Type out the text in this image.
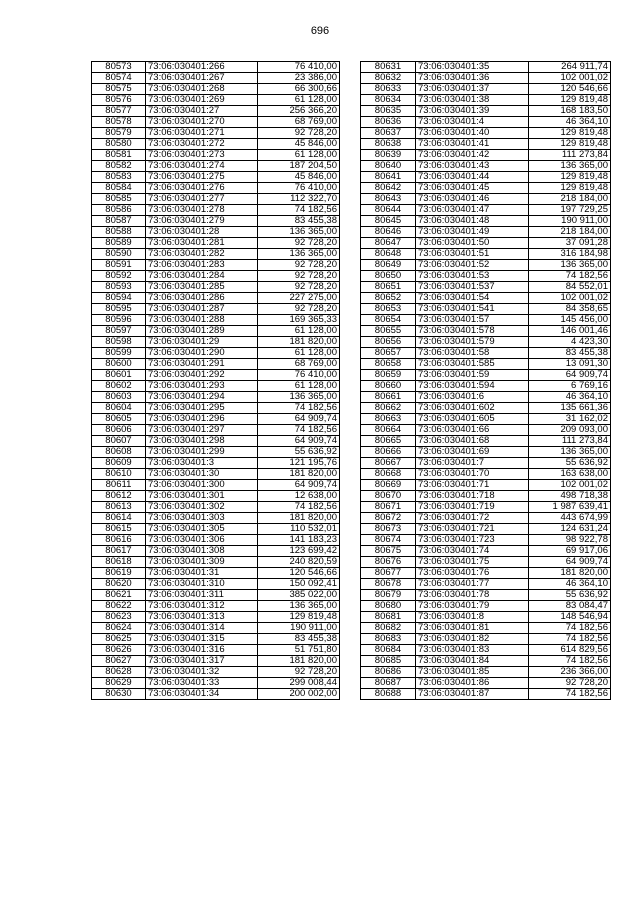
696
80573	73:06:030401:266	76 410,00
80574	73:06:030401:267	23 386,00
80575	73:06:030401:268	66 300,66
80576	73:06:030401:269	61 128,00
80577	73:06:030401:27	256 366,20
80578	73:06:030401:270	68 769,00
80579	73:06:030401:271	92 728,20
80580	73:06:030401:272	45 846,00
80581	73:06:030401:273	61 128,00
80582	73:06:030401:274	187 204,50
80583	73:06:030401:275	45 846,00
80584	73:06:030401:276	76 410,00
80585	73:06:030401:277	112 322,70
80586	73:06:030401:278	74 182,56
80587	73:06:030401:279	83 455,38
80588	73:06:030401:28	136 365,00
80589	73:06:030401:281	92 728,20
80590	73:06:030401:282	136 365,00
80591	73:06:030401:283	92 728,20
80592	73:06:030401:284	92 728,20
80593	73:06:030401:285	92 728,20
80594	73:06:030401:286	227 275,00
80595	73:06:030401:287	92 728,20
80596	73:06:030401:288	169 365,33
80597	73:06:030401:289	61 128,00
80598	73:06:030401:29	181 820,00
80599	73:06:030401:290	61 128,00
80600	73:06:030401:291	68 769,00
80601	73:06:030401:292	76 410,00
80602	73:06:030401:293	61 128,00
80603	73:06:030401:294	136 365,00
80604	73:06:030401:295	74 182,56
80605	73:06:030401:296	64 909,74
80606	73:06:030401:297	74 182,56
80607	73:06:030401:298	64 909,74
80608	73:06:030401:299	55 636,92
80609	73:06:030401:3	121 195,76
80610	73:06:030401:30	181 820,00
80611	73:06:030401:300	64 909,74
80612	73:06:030401:301	12 638,00
80613	73:06:030401:302	74 182,56
80614	73:06:030401:303	181 820,00
80615	73:06:030401:305	110 532,01
80616	73:06:030401:306	141 183,23
80617	73:06:030401:308	123 699,42
80618	73:06:030401:309	240 820,59
80619	73:06:030401:31	120 546,66
80620	73:06:030401:310	150 092,41
80621	73:06:030401:311	385 022,00
80622	73:06:030401:312	136 365,00
80623	73:06:030401:313	129 819,48
80624	73:06:030401:314	190 911,00
80625	73:06:030401:315	83 455,38
80626	73:06:030401:316	51 751,80
80627	73:06:030401:317	181 820,00
80628	73:06:030401:32	92 728,20
80629	73:06:030401:33	299 008,44
80630	73:06:030401:34	200 002,00
80631	73:06:030401:35	264 911,74
80632	73:06:030401:36	102 001,02
80633	73:06:030401:37	120 546,66
80634	73:06:030401:38	129 819,48
80635	73:06:030401:39	168 183,50
80636	73:06:030401:4	46 364,10
80637	73:06:030401:40	129 819,48
80638	73:06:030401:41	129 819,48
80639	73:06:030401:42	111 273,84
80640	73:06:030401:43	136 365,00
80641	73:06:030401:44	129 819,48
80642	73:06:030401:45	129 819,48
80643	73:06:030401:46	218 184,00
80644	73:06:030401:47	197 729,25
80645	73:06:030401:48	190 911,00
80646	73:06:030401:49	218 184,00
80647	73:06:030401:50	37 091,28
80648	73:06:030401:51	316 184,98
80649	73:06:030401:52	136 365,00
80650	73:06:030401:53	74 182,56
80651	73:06:030401:537	84 552,01
80652	73:06:030401:54	102 001,02
80653	73:06:030401:541	84 358,65
80654	73:06:030401:57	145 456,00
80655	73:06:030401:578	146 001,46
80656	73:06:030401:579	4 423,30
80657	73:06:030401:58	83 455,38
80658	73:06:030401:585	13 091,30
80659	73:06:030401:59	64 909,74
80660	73:06:030401:594	6 769,16
80661	73:06:030401:6	46 364,10
80662	73:06:030401:602	135 661,36
80663	73:06:030401:605	31 162,02
80664	73:06:030401:66	209 093,00
80665	73:06:030401:68	111 273,84
80666	73:06:030401:69	136 365,00
80667	73:06:030401:7	55 636,92
80668	73:06:030401:70	163 638,00
80669	73:06:030401:71	102 001,02
80670	73:06:030401:718	498 718,38
80671	73:06:030401:719	1 987 639,41
80672	73:06:030401:72	443 674,99
80673	73:06:030401:721	124 631,24
80674	73:06:030401:723	98 922,78
80675	73:06:030401:74	69 917,06
80676	73:06:030401:75	64 909,74
80677	73:06:030401:76	181 820,00
80678	73:06:030401:77	46 364,10
80679	73:06:030401:78	55 636,92
80680	73:06:030401:79	83 084,47
80681	73:06:030401:8	148 546,94
80682	73:06:030401:81	74 182,56
80683	73:06:030401:82	74 182,56
80684	73:06:030401:83	614 829,56
80685	73:06:030401:84	74 182,56
80686	73:06:030401:85	236 366,00
80687	73:06:030401:86	92 728,20
80688	73:06:030401:87	74 182,56
